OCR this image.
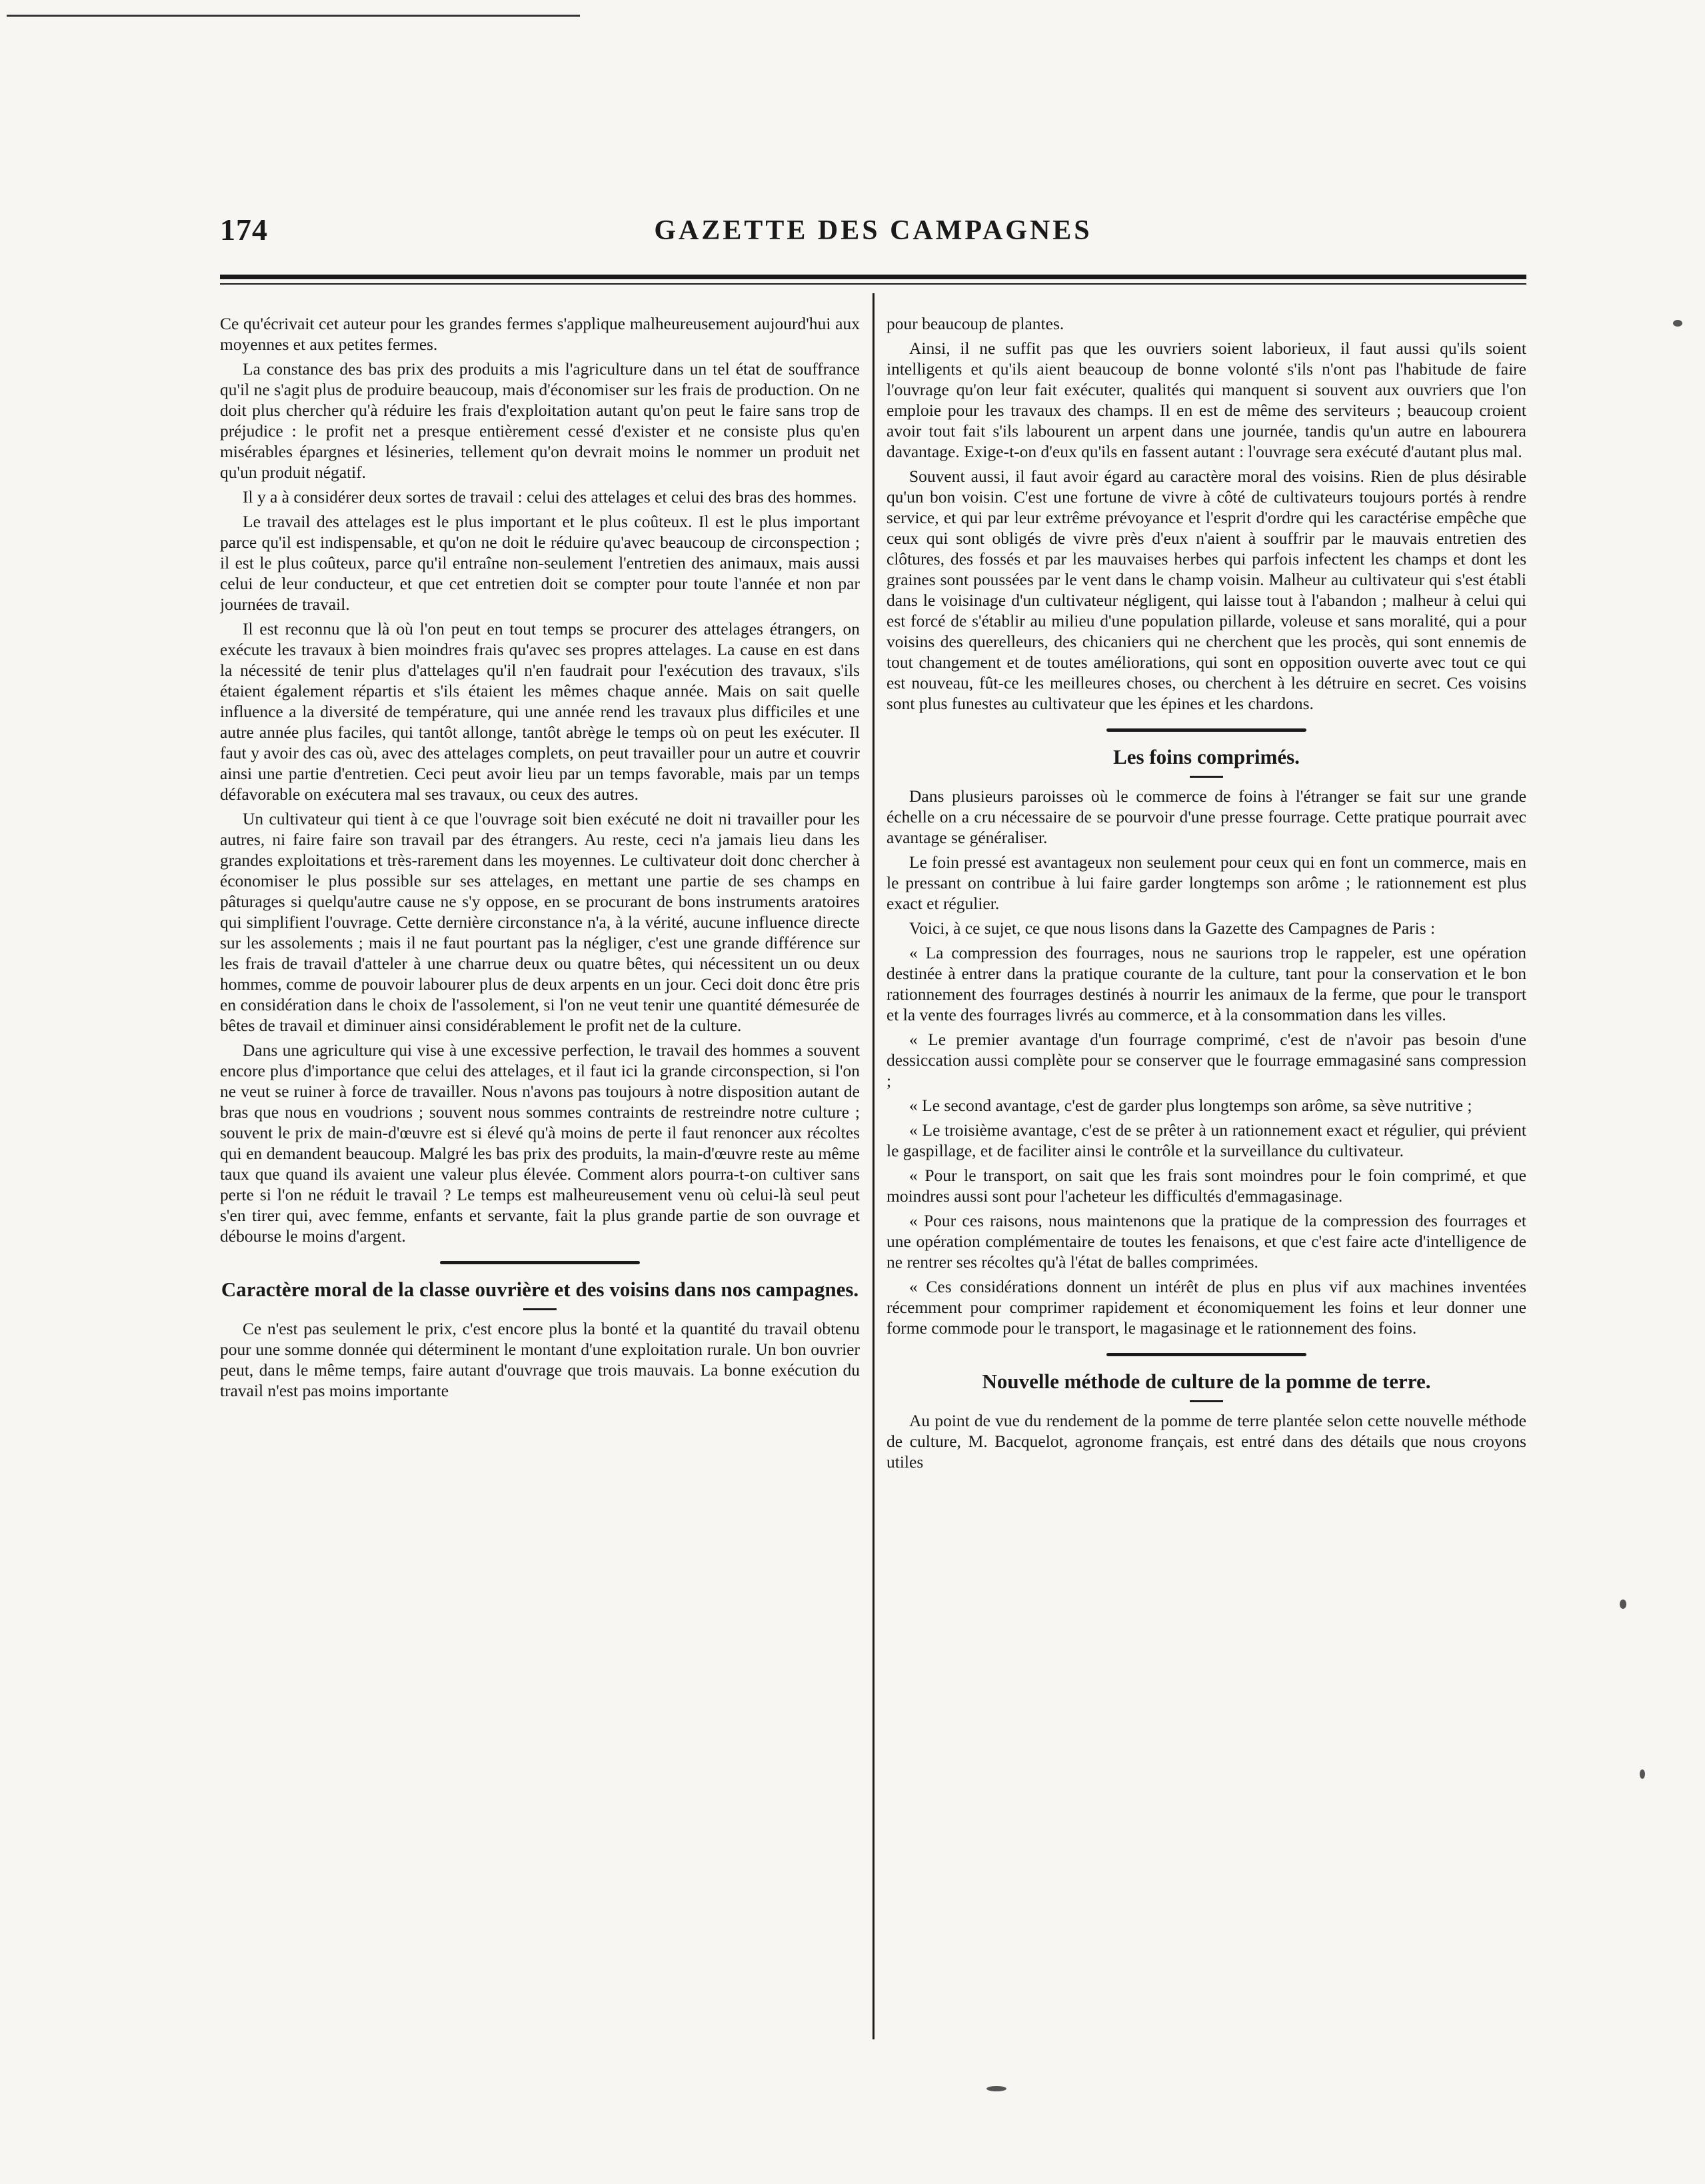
174	GAZETTE DES CAMPAGNES

Ce qu'écrivait cet auteur pour les grandes fermes s'applique malheureusement aujourd'hui aux moyennes et aux petites fermes.

La constance des bas prix des produits a mis l'agriculture dans un tel état de souffrance qu'il ne s'agit plus de produire beaucoup, mais d'économiser sur les frais de production. On ne doit plus chercher qu'à réduire les frais d'exploitation autant qu'on peut le faire sans trop de préjudice : le profit net a presque entièrement cessé d'exister et ne consiste plus qu'en misérables épargnes et lésineries, tellement qu'on devrait moins le nommer un produit net qu'un produit négatif.

Il y a à considérer deux sortes de travail : celui des attelages et celui des bras des hommes.

Le travail des attelages est le plus important et le plus coûteux. Il est le plus important parce qu'il est indispensable, et qu'on ne doit le réduire qu'avec beaucoup de circonspection ; il est le plus coûteux, parce qu'il entraîne non-seulement l'entretien des animaux, mais aussi celui de leur conducteur, et que cet entretien doit se compter pour toute l'année et non par journées de travail.

Il est reconnu que là où l'on peut en tout temps se procurer des attelages étrangers, on exécute les travaux à bien moindres frais qu'avec ses propres attelages. La cause en est dans la nécessité de tenir plus d'attelages qu'il n'en faudrait pour l'exécution des travaux, s'ils étaient également répartis et s'ils étaient les mêmes chaque année. Mais on sait quelle influence a la diversité de température, qui une année rend les travaux plus difficiles et une autre année plus faciles, qui tantôt allonge, tantôt abrège le temps où on peut les exécuter. Il faut y avoir des cas où, avec des attelages complets, on peut travailler pour un autre et couvrir ainsi une partie d'entretien. Ceci peut avoir lieu par un temps favorable, mais par un temps défavorable on exécutera mal ses travaux, ou ceux des autres.

Un cultivateur qui tient à ce que l'ouvrage soit bien exécuté ne doit ni travailler pour les autres, ni faire faire son travail par des étrangers. Au reste, ceci n'a jamais lieu dans les grandes exploitations et très-rarement dans les moyennes. Le cultivateur doit donc chercher à économiser le plus possible sur ses attelages, en mettant une partie de ses champs en pâturages si quelqu'autre cause ne s'y oppose, en se procurant de bons instruments aratoires qui simplifient l'ouvrage. Cette dernière circonstance n'a, à la vérité, aucune influence directe sur les assolements ; mais il ne faut pourtant pas la négliger, c'est une grande différence sur les frais de travail d'atteler à une charrue deux ou quatre bêtes, qui nécessitent un ou deux hommes, comme de pouvoir labourer plus de deux arpents en un jour. Ceci doit donc être pris en considération dans le choix de l'assolement, si l'on ne veut tenir une quantité démesurée de bêtes de travail et diminuer ainsi considérablement le profit net de la culture.

Dans une agriculture qui vise à une excessive perfection, le travail des hommes a souvent encore plus d'importance que celui des attelages, et il faut ici la grande circonspection, si l'on ne veut se ruiner à force de travailler. Nous n'avons pas toujours à notre disposition autant de bras que nous en voudrions ; souvent nous sommes contraints de restreindre notre culture ; souvent le prix de main-d'œuvre est si élevé qu'à moins de perte il faut renoncer aux récoltes qui en demandent beaucoup. Malgré les bas prix des produits, la main-d'œuvre reste au même taux que quand ils avaient une valeur plus élevée. Comment alors pourra-t-on cultiver sans perte si l'on ne réduit le travail ? Le temps est malheureusement venu où celui-là seul peut s'en tirer qui, avec femme, enfants et servante, fait la plus grande partie de son ouvrage et débourse le moins d'argent.

Caractère moral de la classe ouvrière et des voisins dans nos campagnes.

Ce n'est pas seulement le prix, c'est encore plus la bonté et la quantité du travail obtenu pour une somme donnée qui déterminent le montant d'une exploitation rurale. Un bon ouvrier peut, dans le même temps, faire autant d'ouvrage que trois mauvais. La bonne exécution du travail n'est pas moins importante

pour beaucoup de plantes.

Ainsi, il ne suffit pas que les ouvriers soient laborieux, il faut aussi qu'ils soient intelligents et qu'ils aient beaucoup de bonne volonté s'ils n'ont pas l'habitude de faire l'ouvrage qu'on leur fait exécuter, qualités qui manquent si souvent aux ouvriers que l'on emploie pour les travaux des champs. Il en est de même des serviteurs ; beaucoup croient avoir tout fait s'ils labourent un arpent dans une journée, tandis qu'un autre en labourera davantage. Exige-t-on d'eux qu'ils en fassent autant : l'ouvrage sera exécuté d'autant plus mal.

Souvent aussi, il faut avoir égard au caractère moral des voisins. Rien de plus désirable qu'un bon voisin. C'est une fortune de vivre à côté de cultivateurs toujours portés à rendre service, et qui par leur extrême prévoyance et l'esprit d'ordre qui les caractérise empêche que ceux qui sont obligés de vivre près d'eux n'aient à souffrir par le mauvais entretien des clôtures, des fossés et par les mauvaises herbes qui parfois infectent les champs et dont les graines sont poussées par le vent dans le champ voisin. Malheur au cultivateur qui s'est établi dans le voisinage d'un cultivateur négligent, qui laisse tout à l'abandon ; malheur à celui qui est forcé de s'établir au milieu d'une population pillarde, voleuse et sans moralité, qui a pour voisins des querelleurs, des chicaniers qui ne cherchent que les procès, qui sont ennemis de tout changement et de toutes améliorations, qui sont en opposition ouverte avec tout ce qui est nouveau, fût-ce les meilleures choses, ou cherchent à les détruire en secret. Ces voisins sont plus funestes au cultivateur que les épines et les chardons.

Les foins comprimés.

Dans plusieurs paroisses où le commerce de foins à l'étranger se fait sur une grande échelle on a cru nécessaire de se pourvoir d'une presse fourrage. Cette pratique pourrait avec avantage se généraliser.

Le foin pressé est avantageux non seulement pour ceux qui en font un commerce, mais en le pressant on contribue à lui faire garder longtemps son arôme ; le rationnement est plus exact et régulier.

Voici, à ce sujet, ce que nous lisons dans la Gazette des Campagnes de Paris :

« La compression des fourrages, nous ne saurions trop le rappeler, est une opération destinée à entrer dans la pratique courante de la culture, tant pour la conservation et le bon rationnement des fourrages destinés à nourrir les animaux de la ferme, que pour le transport et la vente des fourrages livrés au commerce, et à la consommation dans les villes.

« Le premier avantage d'un fourrage comprimé, c'est de n'avoir pas besoin d'une dessiccation aussi complète pour se conserver que le fourrage emmagasiné sans compression ;

« Le second avantage, c'est de garder plus longtemps son arôme, sa sève nutritive ;

« Le troisième avantage, c'est de se prêter à un rationnement exact et régulier, qui prévient le gaspillage, et de faciliter ainsi le contrôle et la surveillance du cultivateur.

« Pour le transport, on sait que les frais sont moindres pour le foin comprimé, et que moindres aussi sont pour l'acheteur les difficultés d'emmagasinage.

« Pour ces raisons, nous maintenons que la pratique de la compression des fourrages et une opération complémentaire de toutes les fenaisons, et que c'est faire acte d'intelligence de ne rentrer ses récoltes qu'à l'état de balles comprimées.

« Ces considérations donnent un intérêt de plus en plus vif aux machines inventées récemment pour comprimer rapidement et économiquement les foins et leur donner une forme commode pour le transport, le magasinage et le rationnement des foins.

Nouvelle méthode de culture de la pomme de terre.

Au point de vue du rendement de la pomme de terre plantée selon cette nouvelle méthode de culture, M. Bacquelot, agronome français, est entré dans des détails que nous croyons utiles
